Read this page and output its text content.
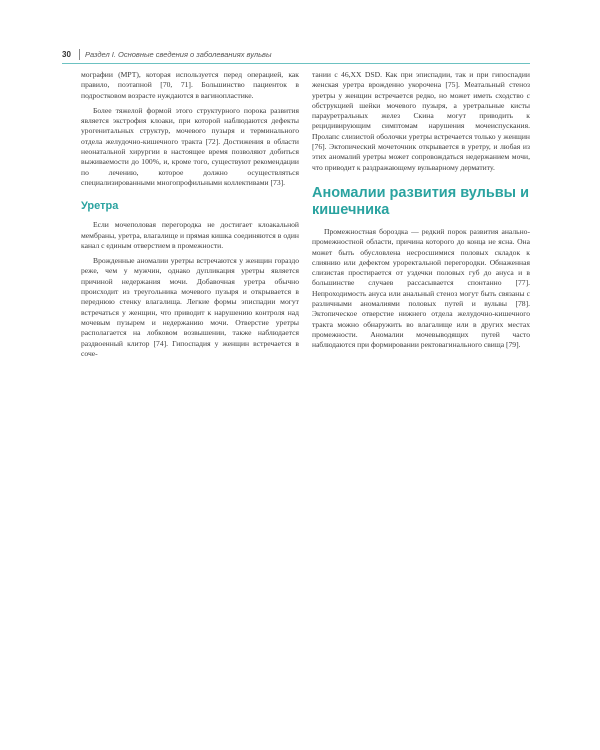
30 Раздел I. Основные сведения о заболеваниях вульвы

мографии (МРТ), которая используется перед операцией, как правило, поэтапной [70, 71]. Большинство пациенток в подростковом возрасте нуждаются в вагинопластике.

Более тяжелой формой этого структурного порока развития является экстрофия клоаки, при которой наблюдаются дефекты урогенитальных структур, мочевого пузыря и терминального отдела желудочно-кишечного тракта [72]. Достижения в области неонатальной хирургии в настоящее время позволяют добиться выживаемости до 100%, и, кроме того, существуют рекомендации по лечению, которое должно осуществляться специализированными многопрофильными коллективами [73].

Уретра

Если мочеполовая перегородка не достигает клоакальной мембраны, уретра, влагалище и прямая кишка соединяются в один канал с единым отверстием в промежности.

Врожденные аномалии уретры встречаются у женщин гораздо реже, чем у мужчин, однако дупликация уретры является причиной недержания мочи. Добавочная уретра обычно происходит из треугольника мочевого пузыря и открывается в переднюю стенку влагалища. Легкие формы эписпадии могут встречаться у женщин, что приводит к нарушению контроля над мочевым пузырем и недержанию мочи. Отверстие уретры располагается на лобковом возвышении, также наблюдается раздвоенный клитор [74]. Гипоспадия у женщин встречается в соче-

тании с 46,XX DSD. Как при эписпадии, так и при гипоспадии женская уретра врожденно укорочена [75]. Меатальный стеноз уретры у женщин встречается редко, но может иметь сходство с обструкцией шейки мочевого пузыря, а уретральные кисты парауретральных желез Скина могут приводить к рецидивирующим симптомам нарушения мочеиспускания. Пролапс слизистой оболочки уретры встречается только у женщин [76]. Эктопический мочеточник открывается в уретру, и любая из этих аномалий уретры может сопровождаться недержанием мочи, что приводит к раздражающему вульварному дерматиту.

Аномалии развития вульвы и кишечника

Промежностная бороздка — редкий порок развития анально-промежностной области, причина которого до конца не ясна. Она может быть обусловлена несросшимися половых складок к слиянию или дефектом уроректальной перегородки. Обнаженная слизистая простирается от уздечки половых губ до ануса и в большинстве случаев рассасывается спонтанно [77]. Непроходимость ануса или анальный стеноз могут быть связаны с различными аномалиями половых путей и вульвы [78]. Эктопическое отверстие нижнего отдела желудочно-кишечного тракта можно обнаружить во влагалище или в других местах промежности. Аномалии мочевыводящих путей часто наблюдаются при формировании ректовагинального свища [79].
